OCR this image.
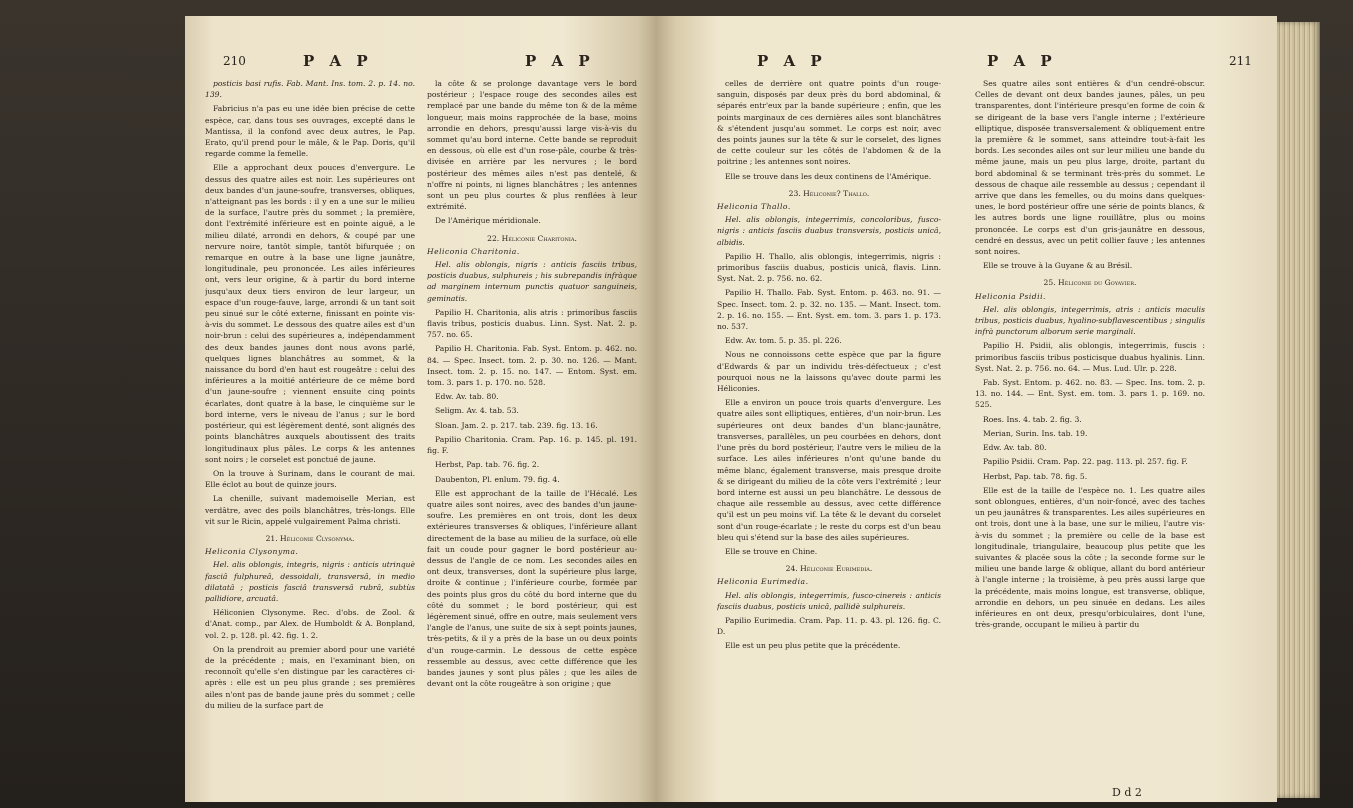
210	P A P	P A P

posticis basi rufis. Fab. Mant. Ins. tom. 2. p. 14. no. 139.

Fabricius n'a pas eu une idée bien précise de cette espèce, car, dans tous ses ouvrages, excepté dans le Mantissa, il la confond avec deux autres, le Pap. Erato, qu'il prend pour le mâle, & le Pap. Doris, qu'il regarde comme la femelle.

Elle a approchant deux pouces d'envergure. Le dessus des quatre ailes est noir. Les supérieures ont deux bandes d'un jaune-soufre, transverses, obliques, n'atteignant pas les bords : il y en a une sur le milieu de la surface, l'autre près du sommet ; la première, dont l'extrémité inférieure est en pointe aiguë, a le milieu dilaté, arrondi en dehors, & coupé par une nervure noire, tantôt simple, tantôt bifurquée ; on remarque en outre à la base une ligne jaunâtre, longitudinale, peu prononcée. Les ailes inférieures ont, vers leur origine, & à partir du bord interne jusqu'aux deux tiers environ de leur largeur, un espace d'un rouge-fauve, large, arrondi & un tant soit peu sinué sur le côté externe, finissant en pointe vis-à-vis du sommet. Le dessous des quatre ailes est d'un noir-brun : celui des supérieures a, indépendamment des deux bandes jaunes dont nous avons parlé, quelques lignes blanchâtres au sommet, & la naissance du bord d'en haut est rougeâtre : celui des inférieures a la moitié antérieure de ce même bord d'un jaune-soufre ; viennent ensuite cinq points écarlates, dont quatre à la base, le cinquième sur le bord interne, vers le niveau de l'anus ; sur le bord postérieur, qui est légèrement denté, sont alignés des points blanchâtres auxquels aboutissent des traits longitudinaux plus pâles. Le corps & les antennes sont noirs ; le corselet est ponctué de jaune.

On la trouve à Surinam, dans le courant de mai. Elle éclot au bout de quinze jours.

La chenille, suivant mademoiselle Merian, est verdâtre, avec des poils blanchâtres, très-longs. Elle vit sur le Ricin, appelé vulgairement Palma christi.

21. Héliconie Clysonyma.

Heliconia Clysonyma.

Hel. alis oblongis, integris, nigris : anticis utrinquè fasciâ fulphureâ, dessoidali, transversâ, in medio dilatatâ ; posticis fasciâ transversâ rubrâ, subtùs pallidiore, arcuatâ.

Héliconien Clysonyme. Rec. d'obs. de Zool. & d'Anat. comp., par Alex. de Humboldt & A. Bonpland, vol. 2. p. 128. pl. 42. fig. 1. 2.

On la prendroit au premier abord pour une variété de la précédente ; mais, en l'examinant bien, on reconnoît qu'elle s'en distingue par les caractères ci-après : elle est un peu plus grande ; ses premières ailes n'ont pas de bande jaune près du sommet ; celle du milieu de la surface part de

la côte & se prolonge davantage vers le bord postérieur ; l'espace rouge des secondes ailes est remplacé par une bande du même ton & de la même longueur, mais moins rapprochée de la base, moins arrondie en dehors, presqu'aussi large vis-à-vis du sommet qu'au bord interne. Cette bande se reproduit en dessous, où elle est d'un rose-pâle, courbe & très-divisée en arrière par les nervures ; le bord postérieur des mêmes ailes n'est pas dentelé, & n'offre ni points, ni lignes blanchâtres ; les antennes sont un peu plus courtes & plus renflées à leur extrémité.

De l'Amérique méridionale.

22. Héliconie Charitonia.

Heliconia Charitonia.

Hel. alis oblongis, nigris : anticis fasciis tribus, posticis duabus, sulphureis ; his subrepandis infràque ad marginem internum punctis quatuor sanguineis, geminatis.

Papilio H. Charitonia, alis atris : primoribus fasciis flavis tribus, posticis duabus. Linn. Syst. Nat. 2. p. 757. no. 65.

Papilio H. Charitonia. Fab. Syst. Entom. p. 462. no. 84. — Spec. Insect. tom. 2. p. 30. no. 126. — Mant. Insect. tom. 2. p. 15. no. 147. — Entom. Syst. em. tom. 3. pars 1. p. 170. no. 528.

Edw. Av. tab. 80.

Seligm. Av. 4. tab. 53.

Sloan. Jam. 2. p. 217. tab. 239. fig. 13. 16.

Papilio Charitonia. Cram. Pap. 16. p. 145. pl. 191. fig. F.

Herbst, Pap. tab. 76. fig. 2.

Daubenton, Pl. enlum. 79. fig. 4.

Elle est approchant de la taille de l'Hécalé. Les quatre ailes sont noires, avec des bandes d'un jaune-soufre. Les premières en ont trois, dont les deux extérieures transverses & obliques, l'inférieure allant directement de la base au milieu de la surface, où elle fait un coude pour gagner le bord postérieur au-dessus de l'angle de ce nom. Les secondes ailes en ont deux, transverses, dont la supérieure plus large, droite & continue ; l'inférieure courbe, formée par des points plus gros du côté du bord interne que du côté du sommet ; le bord postérieur, qui est légèrement sinué, offre en outre, mais seulement vers l'angle de l'anus, une suite de six à sept points jaunes, très-petits, & il y a près de la base un ou deux points d'un rouge-carmin. Le dessous de cette espèce ressemble au dessus, avec cette différence que les bandes jaunes y sont plus pâles ; que les ailes de devant ont la côte rougeâtre à son origine ; que

P A P	P A P	211

celles de derrière ont quatre points d'un rouge-sanguin, disposés par deux près du bord abdominal, & séparés entr'eux par la bande supérieure ; enfin, que les points marginaux de ces dernières ailes sont blanchâtres & s'étendent jusqu'au sommet. Le corps est noir, avec des points jaunes sur la tête & sur le corselet, des lignes de cette couleur sur les côtés de l'abdomen & de la poitrine ; les antennes sont noires.

Elle se trouve dans les deux continens de l'Amérique.

23. Héliconie? Thallo.

Heliconia Thallo.

Hel. alis oblongis, integerrimis, concoloribus, fusco-nigris : anticis fasciis duabus transversis, posticis unicâ, albidis.

Papilio H. Thallo, alis oblongis, integerrimis, nigris : primoribus fasciis duabus, posticis unicâ, flavis. Linn. Syst. Nat. 2. p. 756. no. 62.

Papilio H. Thallo. Fab. Syst. Entom. p. 463. no. 91. — Spec. Insect. tom. 2. p. 32. no. 135. — Mant. Insect. tom. 2. p. 16. no. 155. — Ent. Syst. em. tom. 3. pars 1. p. 173. no. 537.

Edw. Av. tom. 5. p. 35. pl. 226.

Nous ne connoissons cette espèce que par la figure d'Edwards & par un individu très-défectueux ; c'est pourquoi nous ne la laissons qu'avec doute parmi les Héliconies.

Elle a environ un pouce trois quarts d'envergure. Les quatre ailes sont elliptiques, entières, d'un noir-brun. Les supérieures ont deux bandes d'un blanc-jaunâtre, transverses, parallèles, un peu courbées en dehors, dont l'une près du bord postérieur, l'autre vers le milieu de la surface. Les ailes inférieures n'ont qu'une bande du même blanc, également transverse, mais presque droite & se dirigeant du milieu de la côte vers l'extrémité ; leur bord interne est aussi un peu blanchâtre. Le dessous de chaque aile ressemble au dessus, avec cette différence qu'il est un peu moins vif. La tête & le devant du corselet sont d'un rouge-écarlate ; le reste du corps est d'un beau bleu qui s'étend sur la base des ailes supérieures.

Elle se trouve en Chine.

24. Héliconie Eurimedia.

Heliconia Eurimedia.

Hel. alis oblongis, integerrimis, fusco-cinereis : anticis fasciis duabus, posticis unicâ, pallidè sulphureis.

Papilio Eurimedia. Cram. Pap. 11. p. 43. pl. 126. fig. C. D.

Elle est un peu plus petite que la précédente.

Ses quatre ailes sont entières & d'un cendré-obscur. Celles de devant ont deux bandes jaunes, pâles, un peu transparentes, dont l'intérieure presqu'en forme de coin & se dirigeant de la base vers l'angle interne ; l'extérieure elliptique, disposée transversalement & obliquement entre la première & le sommet, sans atteindre tout-à-fait les bords. Les secondes ailes ont sur leur milieu une bande du même jaune, mais un peu plus large, droite, partant du bord abdominal & se terminant très-près du sommet. Le dessous de chaque aile ressemble au dessus ; cependant il arrive que dans les femelles, ou du moins dans quelques-unes, le bord postérieur offre une série de points blancs, & les autres bords une ligne rouillâtre, plus ou moins prononcée. Le corps est d'un gris-jaunâtre en dessous, cendré en dessus, avec un petit collier fauve ; les antennes sont noires.

Elle se trouve à la Guyane & au Brésil.

25. Héliconie du Goyavier.

Heliconia Psidii.

Hel. alis oblongis, integerrimis, atris : anticis maculis tribus, posticis duabus, hyalino-subflavescentibus ; singulis infrà punctorum alborum serie marginali.

Papilio H. Psidii, alis oblongis, integerrimis, fuscis : primoribus fasciis tribus posticisque duabus hyalinis. Linn. Syst. Nat. 2. p. 756. no. 64. — Mus. Lud. Ulr. p. 228.

Fab. Syst. Entom. p. 462. no. 83. — Spec. Ins. tom. 2. p. 13. no. 144. — Ent. Syst. em. tom. 3. pars 1. p. 169. no. 525.

Roes. Ins. 4. tab. 2. fig. 3.

Merian, Surin. Ins. tab. 19.

Edw. Av. tab. 80.

Papilio Psidii. Cram. Pap. 22. pag. 113. pl. 257. fig. F.

Herbst, Pap. tab. 78. fig. 5.

Elle est de la taille de l'espèce no. 1. Les quatre ailes sont oblongues, entières, d'un noir-foncé, avec des taches un peu jaunâtres & transparentes. Les ailes supérieures en ont trois, dont une à la base, une sur le milieu, l'autre vis-à-vis du sommet ; la première ou celle de la base est longitudinale, triangulaire, beaucoup plus petite que les suivantes & placée sous la côte ; la seconde forme sur le milieu une bande large & oblique, allant du bord antérieur à l'angle interne ; la troisième, à peu près aussi large que la précédente, mais moins longue, est transverse, oblique, arrondie en dehors, un peu sinuée en dedans. Les ailes inférieures en ont deux, presqu'orbiculaires, dont l'une, très-grande, occupant le milieu à partir du

D d 2
